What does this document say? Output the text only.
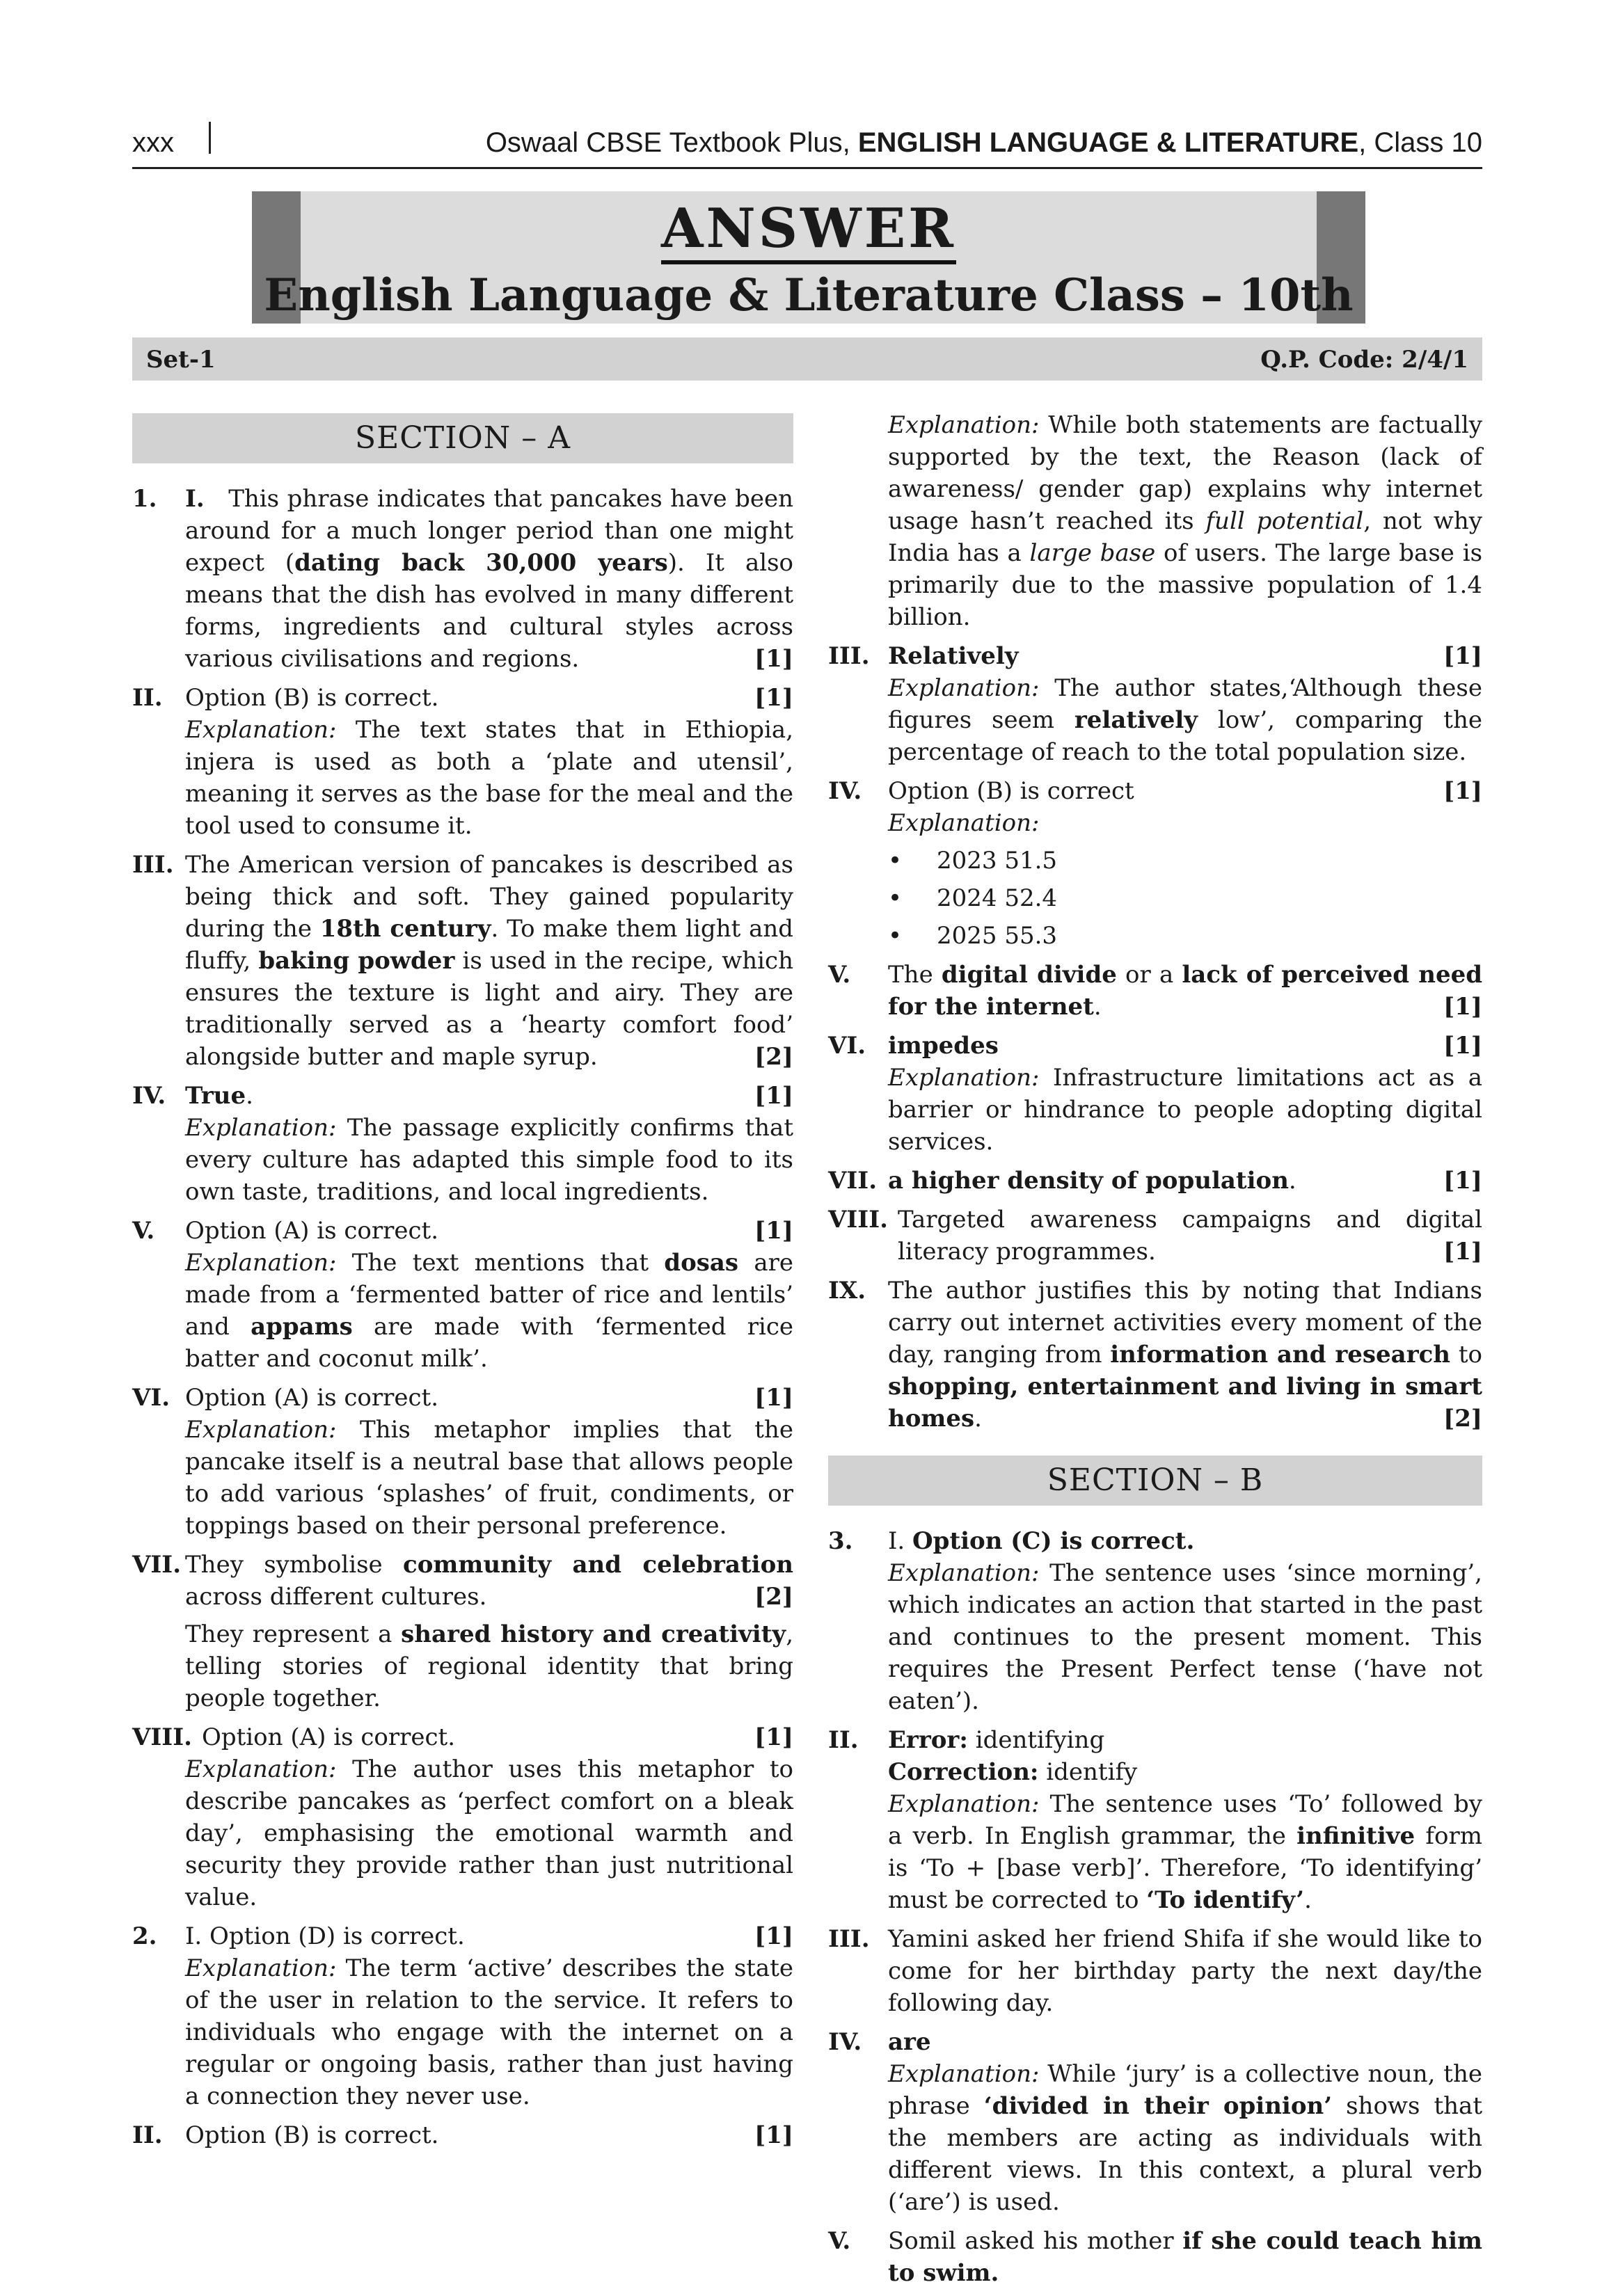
xxx	Oswaal CBSE Textbook Plus, ENGLISH LANGUAGE & LITERATURE, Class 10
ANSWER
English Language & Literature Class – 10th
Set-1	Q.P. Code: 2/4/1
SECTION – A
1. I. This phrase indicates that pancakes have been around for a much longer period than one might expect (dating back 30,000 years). It also means that the dish has evolved in many different forms, ingredients and cultural styles across various civilisations and regions.	[1]
II. Option (B) is correct.	[1]
Explanation: The text states that in Ethiopia, injera is used as both a ‘plate and utensil’, meaning it serves as the base for the meal and the tool used to consume it.
III. The American version of pancakes is described as being thick and soft. They gained popularity during the 18th century. To make them light and fluffy, baking powder is used in the recipe, which ensures the texture is light and airy. They are traditionally served as a ‘hearty comfort food’ alongside butter and maple syrup.	[2]
IV. True.	[1]
Explanation: The passage explicitly confirms that every culture has adapted this simple food to its own taste, traditions, and local ingredients.
V. Option (A) is correct.	[1]
Explanation: The text mentions that dosas are made from a ‘fermented batter of rice and lentils’ and appams are made with ‘fermented rice batter and coconut milk’.
VI. Option (A) is correct.	[1]
Explanation: This metaphor implies that the pancake itself is a neutral base that allows people to add various ‘splashes’ of fruit, condiments, or toppings based on their personal preference.
VII. They symbolise community and celebration across different cultures.	[2]
They represent a shared history and creativity, telling stories of regional identity that bring people together.
VIII. Option (A) is correct.	[1]
Explanation: The author uses this metaphor to describe pancakes as ‘perfect comfort on a bleak day’, emphasising the emotional warmth and security they provide rather than just nutritional value.
2. I. Option (D) is correct.	[1]
Explanation: The term ‘active’ describes the state of the user in relation to the service. It refers to individuals who engage with the internet on a regular or ongoing basis, rather than just having a connection they never use.
II. Option (B) is correct.	[1]
Explanation: While both statements are factually supported by the text, the Reason (lack of awareness/ gender gap) explains why internet usage hasn’t reached its full potential, not why India has a large base of users. The large base is primarily due to the massive population of 1.4 billion.
III. Relatively	[1]
Explanation: The author states,‘Although these figures seem relatively low’, comparing the percentage of reach to the total population size.
IV. Option (B) is correct	[1]
Explanation:
• 2023 51.5
• 2024 52.4
• 2025 55.3
V. The digital divide or a lack of perceived need for the internet.	[1]
VI. impedes	[1]
Explanation: Infrastructure limitations act as a barrier or hindrance to people adopting digital services.
VII. a higher density of population.	[1]
VIII. Targeted awareness campaigns and digital literacy programmes.	[1]
IX. The author justifies this by noting that Indians carry out internet activities every moment of the day, ranging from information and research to shopping, entertainment and living in smart homes.	[2]
SECTION – B
3. I. Option (C) is correct.
Explanation: The sentence uses ‘since morning’, which indicates an action that started in the past and continues to the present moment. This requires the Present Perfect tense (‘have not eaten’).
II. Error: identifying
Correction: identify
Explanation: The sentence uses ‘To’ followed by a verb. In English grammar, the infinitive form is ‘To + [base verb]’. Therefore, ‘To identifying’ must be corrected to ‘To identify’.
III. Yamini asked her friend Shifa if she would like to come for her birthday party the next day/the following day.
IV. are
Explanation: While ‘jury’ is a collective noun, the phrase ‘divided in their opinion’ shows that the members are acting as individuals with different views. In this context, a plural verb (‘are’) is used.
V. Somil asked his mother if she could teach him to swim.
